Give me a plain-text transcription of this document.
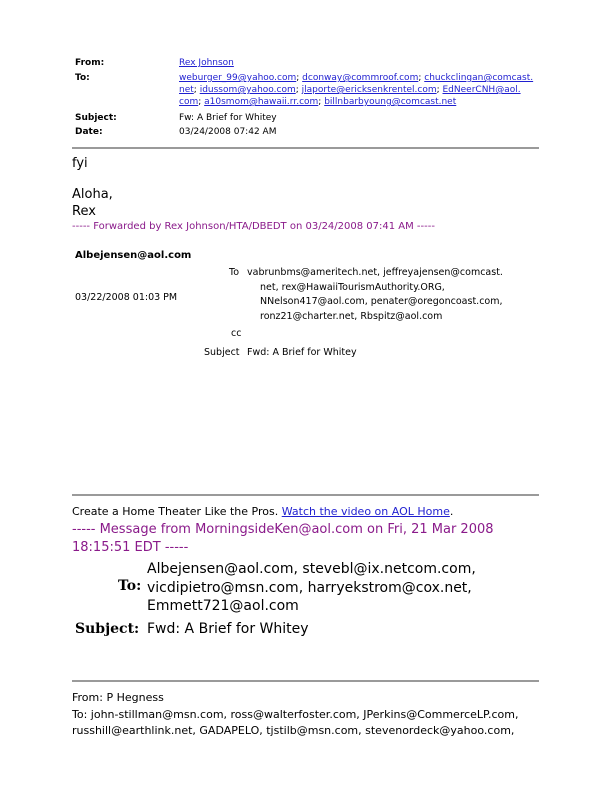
From:	Rex Johnson
To:	weburger_99@yahoo.com; dconway@commroof.com; chuckclingan@comcast.
net; idussom@yahoo.com; jlaporte@ericksenkrentel.com; EdNeerCNH@aol.
com; a10smom@hawaii.rr.com; billnbarbyoung@comcast.net
Subject:	Fw: A Brief for Whitey
Date:	03/24/2008 07:42 AM
fyi
Aloha,
Rex
----- Forwarded by Rex Johnson/HTA/DBEDT on 03/24/2008 07:41 AM -----
Albejensen@aol.com
03/22/2008 01:03 PM
To vabrunbms@ameritech.net, jeffreyajensen@comcast.
net, rex@HawaiiTourismAuthority.ORG,
NNelson417@aol.com, penater@oregoncoast.com,
ronz21@charter.net, Rbspitz@aol.com
cc
Subject Fwd: A Brief for Whitey
Create a Home Theater Like the Pros. Watch the video on AOL Home.
----- Message from MorningsideKen@aol.com on Fri, 21 Mar 2008
18:15:51 EDT -----
To:
Albejensen@aol.com, stevebl@ix.netcom.com,
vicdipietro@msn.com, harryekstrom@cox.net,
Emmett721@aol.com
Subject: Fwd: A Brief for Whitey
From: P Hegness
To: john-stillman@msn.com, ross@walterfoster.com, JPerkins@CommerceLP.com,
russhill@earthlink.net, GADAPELO, tjstilb@msn.com, stevenordeck@yahoo.com,
